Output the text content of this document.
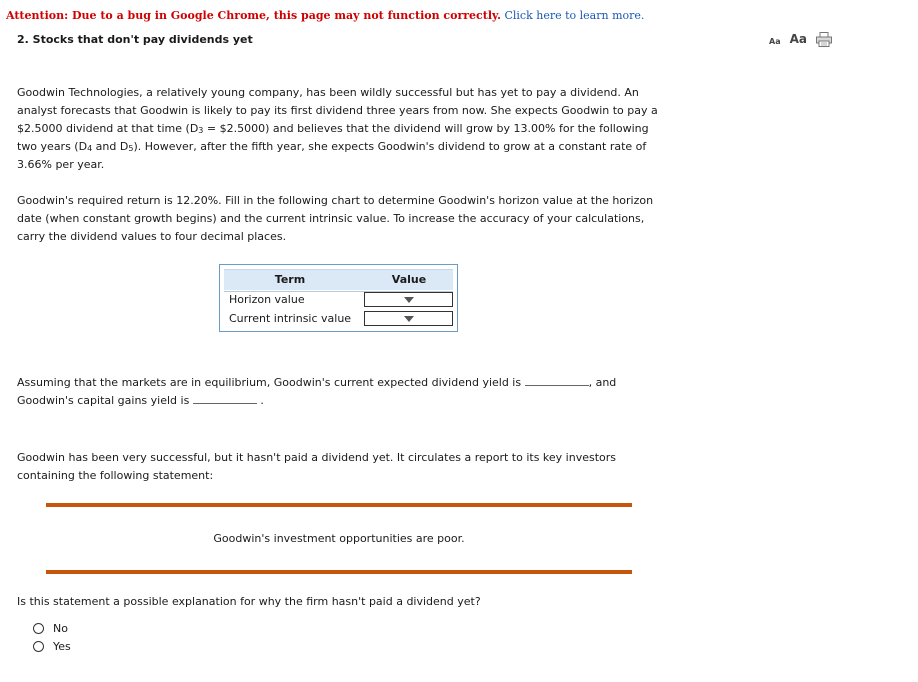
Attention: Due to a bug in Google Chrome, this page may not function correctly. Click here to learn more.
2. Stocks that don't pay dividends yet	Aa Aa
Goodwin Technologies, a relatively young company, has been wildly successful but has yet to pay a dividend. An analyst forecasts that Goodwin is likely to pay its first dividend three years from now. She expects Goodwin to pay a $2.5000 dividend at that time ($D_3$ = $2.5000) and believes that the dividend will grow by 13.00% for the following two years ($D_4$ and $D_5$). However, after the fifth year, she expects Goodwin's dividend to grow at a constant rate of 3.66% per year.
Goodwin's required return is 12.20%. Fill in the following chart to determine Goodwin's horizon value at the horizon date (when constant growth begins) and the current intrinsic value. To increase the accuracy of your calculations, carry the dividend values to four decimal places.
Term	Value
Horizon value
Current intrinsic value
Assuming that the markets are in equilibrium, Goodwin's current expected dividend yield is	, and
Goodwin's capital gains yield is	.
Goodwin has been very successful, but it hasn't paid a dividend yet. It circulates a report to its key investors containing the following statement:
Goodwin's investment opportunities are poor.
Is this statement a possible explanation for why the firm hasn't paid a dividend yet?
No
Yes
